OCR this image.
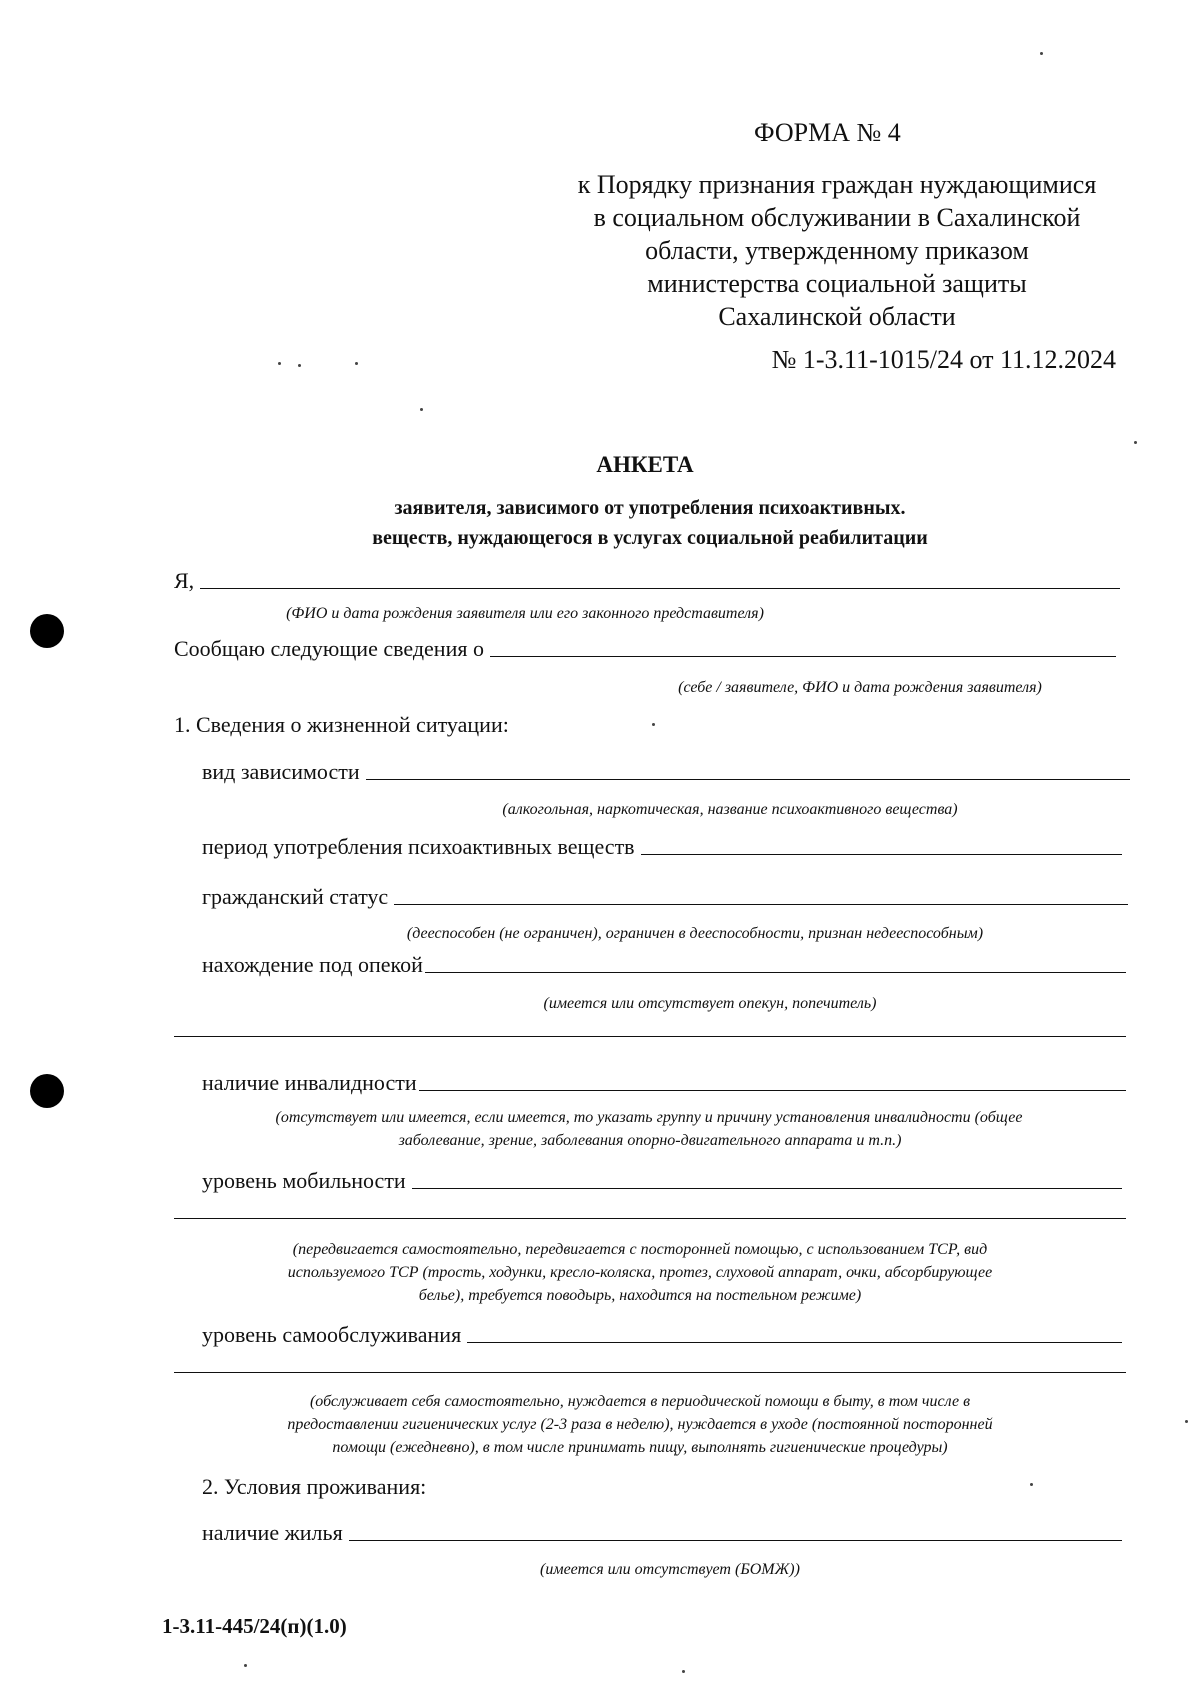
ФОРМА № 4
к Порядку признания граждан нуждающимися
в социальном обслуживании в Сахалинской
области, утвержденному приказом
министерства социальной защиты
Сахалинской области
№ 1-3.11-1015/24 от 11.12.2024
АНКЕТА
заявителя, зависимого от употребления психоактивных.
веществ, нуждающегося в услугах социальной реабилитации
Я,
(ФИО и дата рождения заявителя или его законного представителя)
Сообщаю следующие сведения о
(себе / заявителе, ФИО и дата рождения заявителя)
1. Сведения о жизненной ситуации:
вид зависимости
(алкогольная, наркотическая, название психоактивного вещества)
период употребления психоактивных веществ
гражданский статус
(дееспособен (не ограничен), ограничен в дееспособности, признан недееспособным)
нахождение под опекой
(имеется или отсутствует опекун, попечитель)
наличие инвалидности
(отсутствует или имеется, если имеется, то указать группу и причину установления инвалидности (общее
заболевание, зрение, заболевания опорно-двигательного аппарата и т.п.)
уровень мобильности
(передвигается самостоятельно, передвигается с посторонней помощью, с использованием ТСР, вид
используемого ТСР (трость, ходунки, кресло-коляска, протез, слуховой аппарат, очки, абсорбирующее
белье), требуется поводырь, находится на постельном режиме)
уровень самообслуживания
(обслуживает себя самостоятельно, нуждается в периодической помощи в быту, в том числе в
предоставлении гигиенических услуг (2-3 раза в неделю), нуждается в уходе (постоянной посторонней
помощи (ежедневно), в том числе принимать пищу, выполнять гигиенические процедуры)
2. Условия проживания:
наличие жилья
(имеется или отсутствует (БОМЖ))
1-3.11-445/24(п)(1.0)
